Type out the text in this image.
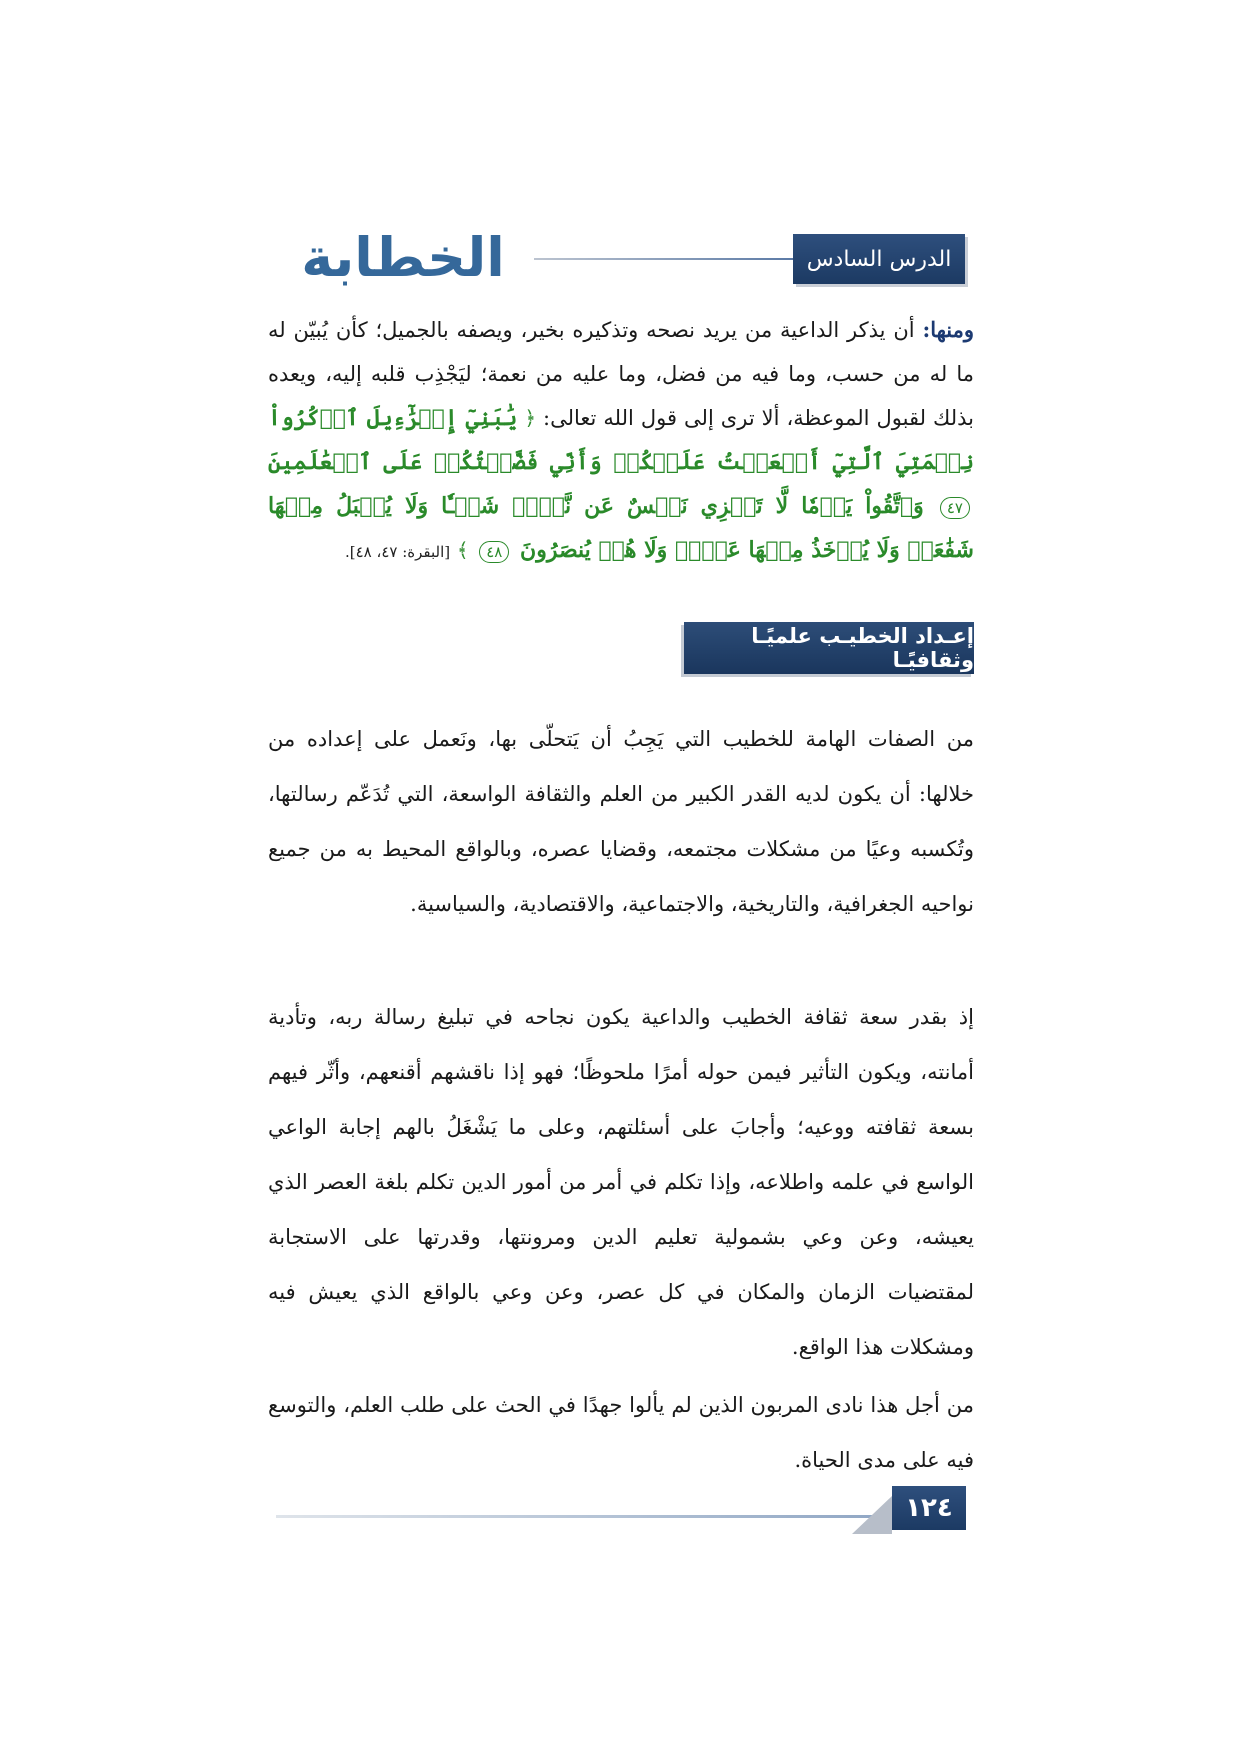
الدرس السادس
الخطابة
ومنها: أن يذكر الداعية من يريد نصحه وتذكيره بخير، ويصفه بالجميل؛ كأن يُبيّن له ما له من حسب، وما فيه من فضل، وما عليه من نعمة؛ ليَجْذِب قلبه إليه، ويعده بذلك لقبول الموعظة، ألا ترى إلى قول الله تعالى: ﴿ يَٰبَنِيٓ إِسۡرَٰٓءِيلَ ٱذۡكُرُواْ نِعۡمَتِيَ ٱلَّتِيٓ أَنۡعَمۡتُ عَلَيۡكُمۡ وَأَنِّي فَضَّلۡتُكُمۡ عَلَى ٱلۡعَٰلَمِينَ ٤٧ وَٱتَّقُواْ يَوۡمٗا لَّا تَجۡزِي نَفۡسٌ عَن نَّفۡسٖ شَيۡـٔٗا وَلَا يُقۡبَلُ مِنۡهَا شَفَٰعَةٞ وَلَا يُؤۡخَذُ مِنۡهَا عَدۡلٞ وَلَا هُمۡ يُنصَرُونَ ٤٨ ﴾ [البقرة: ٤٧، ٤٨].
إعـداد الخطيـب علميًـا وثقافيًـا
من الصفات الهامة للخطيب التي يَجِبُ أن يَتحلّى بها، ونَعمل على إعداده من خلالها: أن يكون لديه القدر الكبير من العلم والثقافة الواسعة، التي تُدَعّم رسالتها، وتُكسبه وعيًا من مشكلات مجتمعه، وقضايا عصره، وبالواقع المحيط به من جميع نواحيه الجغرافية، والتاريخية، والاجتماعية، والاقتصادية، والسياسية.
إذ بقدر سعة ثقافة الخطيب والداعية يكون نجاحه في تبليغ رسالة ربه، وتأدية أمانته، ويكون التأثير فيمن حوله أمرًا ملحوظًا؛ فهو إذا ناقشهم أقنعهم، وأثّر فيهم بسعة ثقافته ووعيه؛ وأجابَ على أسئلتهم، وعلى ما يَشْغَلُ بالهم إجابة الواعي الواسع في علمه واطلاعه، وإذا تكلم في أمر من أمور الدين تكلم بلغة العصر الذي يعيشه، وعن وعي بشمولية تعليم الدين ومرونتها، وقدرتها على الاستجابة لمقتضيات الزمان والمكان في كل عصر، وعن وعي بالواقع الذي يعيش فيه ومشكلات هذا الواقع.
من أجل هذا نادى المربون الذين لم يألوا جهدًا في الحث على طلب العلم، والتوسع فيه على مدى الحياة.
١٢٤
